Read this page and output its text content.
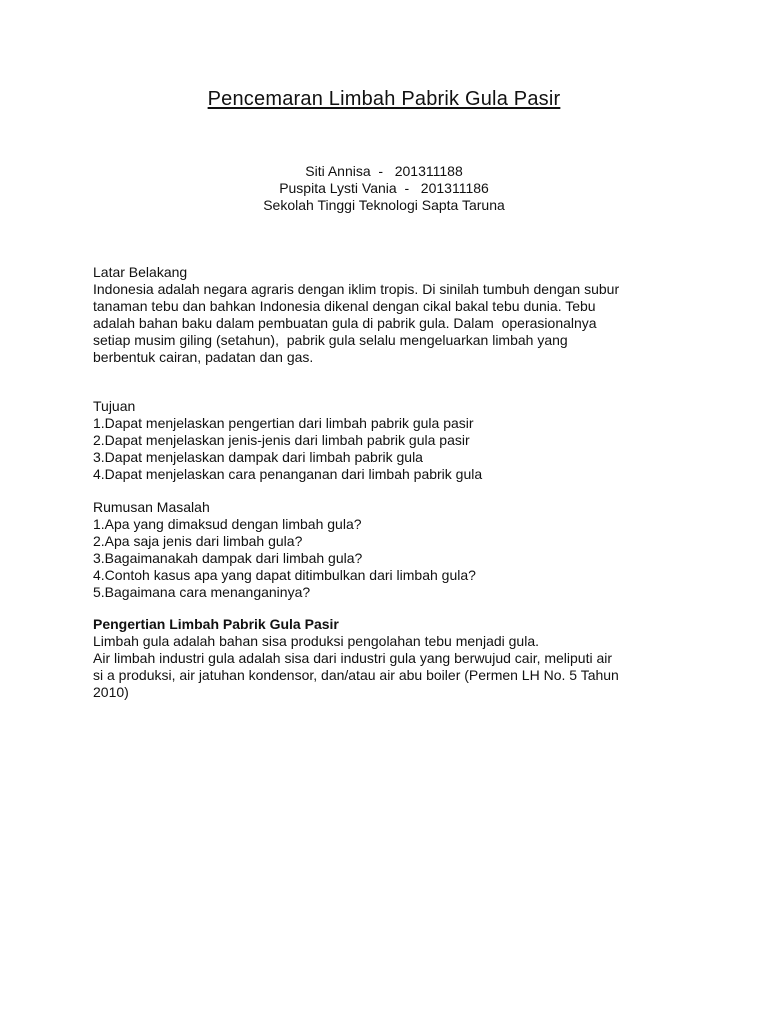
Pencemaran Limbah Pabrik Gula Pasir
Siti Annisa  -   201311188
Puspita Lysti Vania  -   201311186
Sekolah Tinggi Teknologi Sapta Taruna
Latar Belakang
Indonesia adalah negara agraris dengan iklim tropis. Di sinilah tumbuh dengan subur
tanaman tebu dan bahkan Indonesia dikenal dengan cikal bakal tebu dunia. Tebu
adalah bahan baku dalam pembuatan gula di pabrik gula. Dalam  operasionalnya
setiap musim giling (setahun),  pabrik gula selalu mengeluarkan limbah yang
berbentuk cairan, padatan dan gas.
Tujuan
1.Dapat menjelaskan pengertian dari limbah pabrik gula pasir
2.Dapat menjelaskan jenis-jenis dari limbah pabrik gula pasir
3.Dapat menjelaskan dampak dari limbah pabrik gula
4.Dapat menjelaskan cara penanganan dari limbah pabrik gula
Rumusan Masalah
1.Apa yang dimaksud dengan limbah gula?
2.Apa saja jenis dari limbah gula?
3.Bagaimanakah dampak dari limbah gula?
4.Contoh kasus apa yang dapat ditimbulkan dari limbah gula?
5.Bagaimana cara menanganinya?
Pengertian Limbah Pabrik Gula Pasir
Limbah gula adalah bahan sisa produksi pengolahan tebu menjadi gula.
Air limbah industri gula adalah sisa dari industri gula yang berwujud cair, meliputi air
si a produksi, air jatuhan kondensor, dan/atau air abu boiler (Permen LH No. 5 Tahun
2010)
